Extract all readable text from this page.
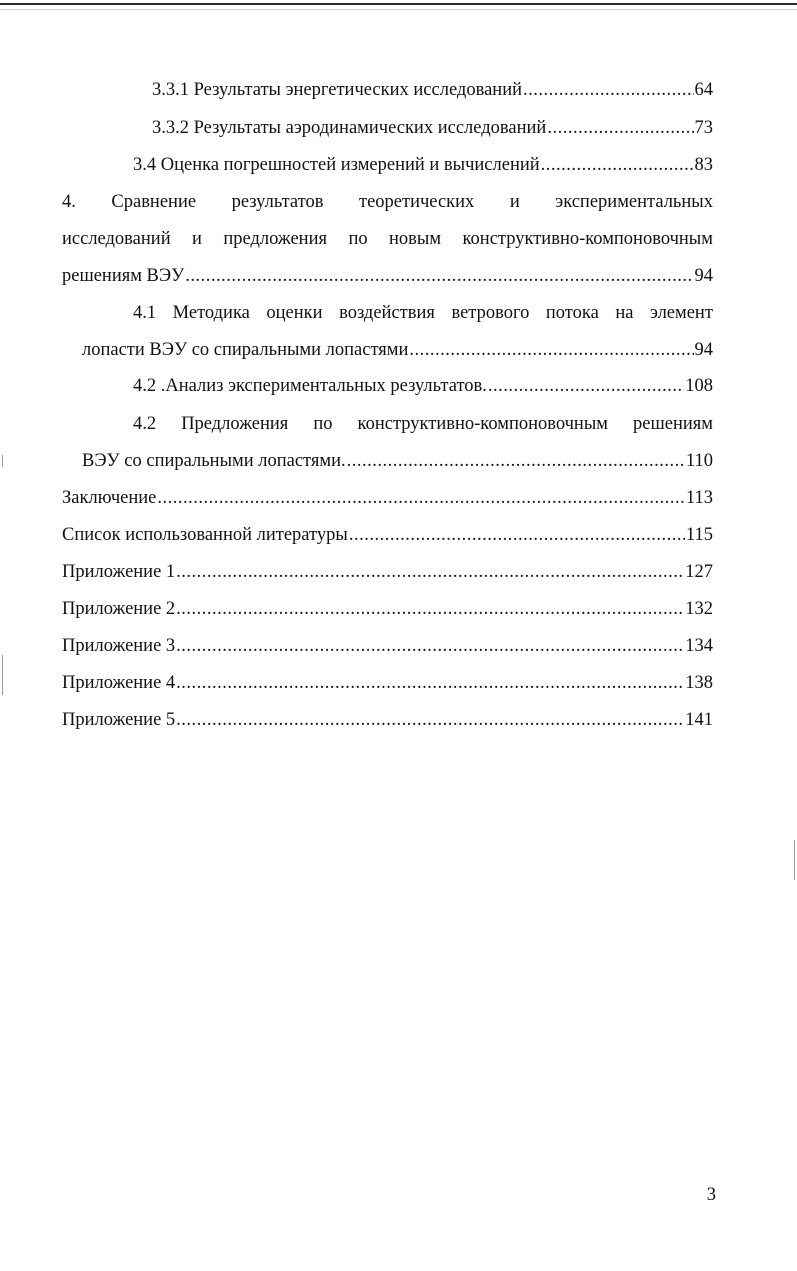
3.3.1 Результаты энергетических исследований .....	64
3.3.2 Результаты аэродинамических исследований .....	73
3.4 Оценка погрешностей измерений и вычислений .....	83
4. Сравнение результатов теоретических и экспериментальных
исследований и предложения по новым конструктивно-компоновочным
решениям ВЭУ .....	94
4.1 Методика оценки воздействия ветрового потока на элемент
лопасти ВЭУ со спиральными лопастями .....	94
4.2 .Анализ экспериментальных результатов. .....	108
4.2 Предложения по конструктивно-компоновочным решениям
ВЭУ со спиральными лопастями. .....	110
Заключение .....	113
Список использованной литературы .....	115
Приложение 1 .....	127
Приложение 2 .....	132
Приложение 3 .....	134
Приложение 4 .....	138
Приложение 5 .....	141
3
